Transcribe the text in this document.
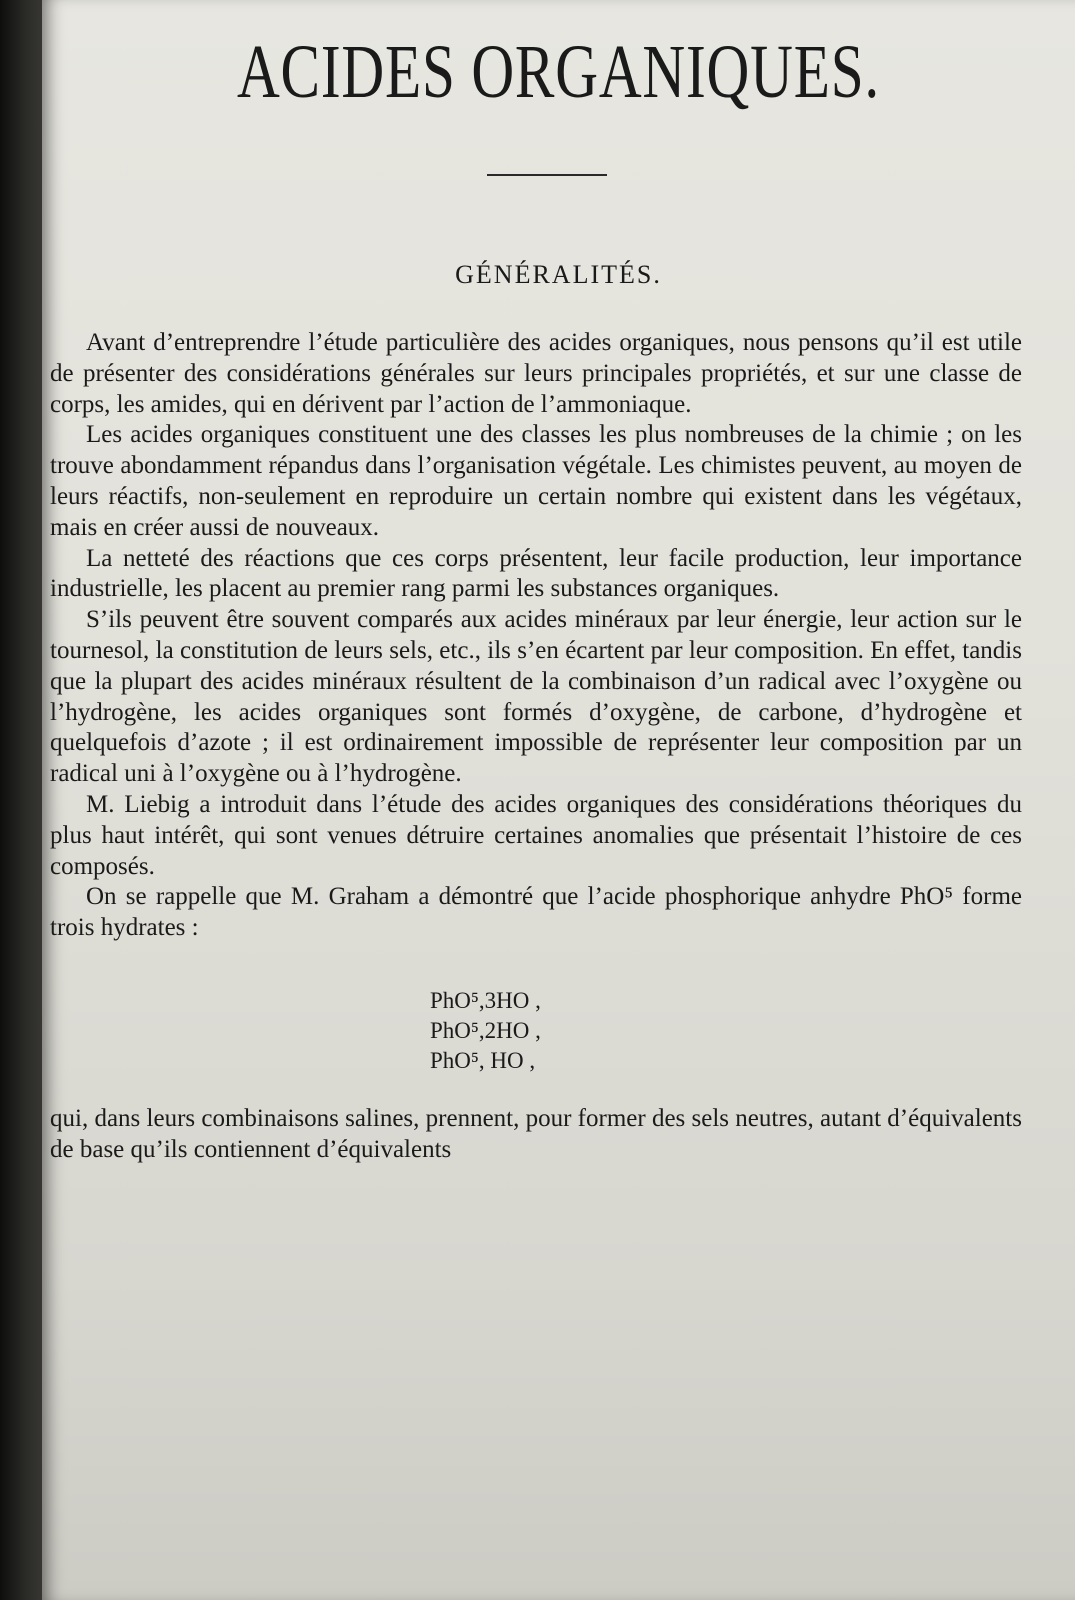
ACIDES ORGANIQUES.
GÉNÉRALITÉS.

Avant d’entreprendre l’étude particulière des acides organiques, nous pensons qu’il est utile de présenter des considérations générales sur leurs principales propriétés, et sur une classe de corps, les amides, qui en dérivent par l’action de l’ammoniaque.

Les acides organiques constituent une des classes les plus nombreuses de la chimie ; on les trouve abondamment répandus dans l’organisation végétale. Les chimistes peuvent, au moyen de leurs réactifs, non-seulement en reproduire un certain nombre qui existent dans les végétaux, mais en créer aussi de nouveaux.

La netteté des réactions que ces corps présentent, leur facile production, leur importance industrielle, les placent au premier rang parmi les substances organiques.

S’ils peuvent être souvent comparés aux acides minéraux par leur énergie, leur action sur le tournesol, la constitution de leurs sels, etc., ils s’en écartent par leur composition. En effet, tandis que la plupart des acides minéraux résultent de la combinaison d’un radical avec l’oxygène ou l’hydrogène, les acides organiques sont formés d’oxygène, de carbone, d’hydrogène et quelquefois d’azote ; il est ordinairement impossible de représenter leur composition par un radical uni à l’oxygène ou à l’hydrogène.

M. Liebig a introduit dans l’étude des acides organiques des considérations théoriques du plus haut intérêt, qui sont venues détruire certaines anomalies que présentait l’histoire de ces composés.

On se rappelle que M. Graham a démontré que l’acide phosphorique anhydre PhO⁵ forme trois hydrates :

PhO⁵,3HO ,
PhO⁵,2HO ,
PhO⁵, HO ,

qui, dans leurs combinaisons salines, prennent, pour former des sels neutres, autant d’équivalents de base qu’ils contiennent d’équivalents
